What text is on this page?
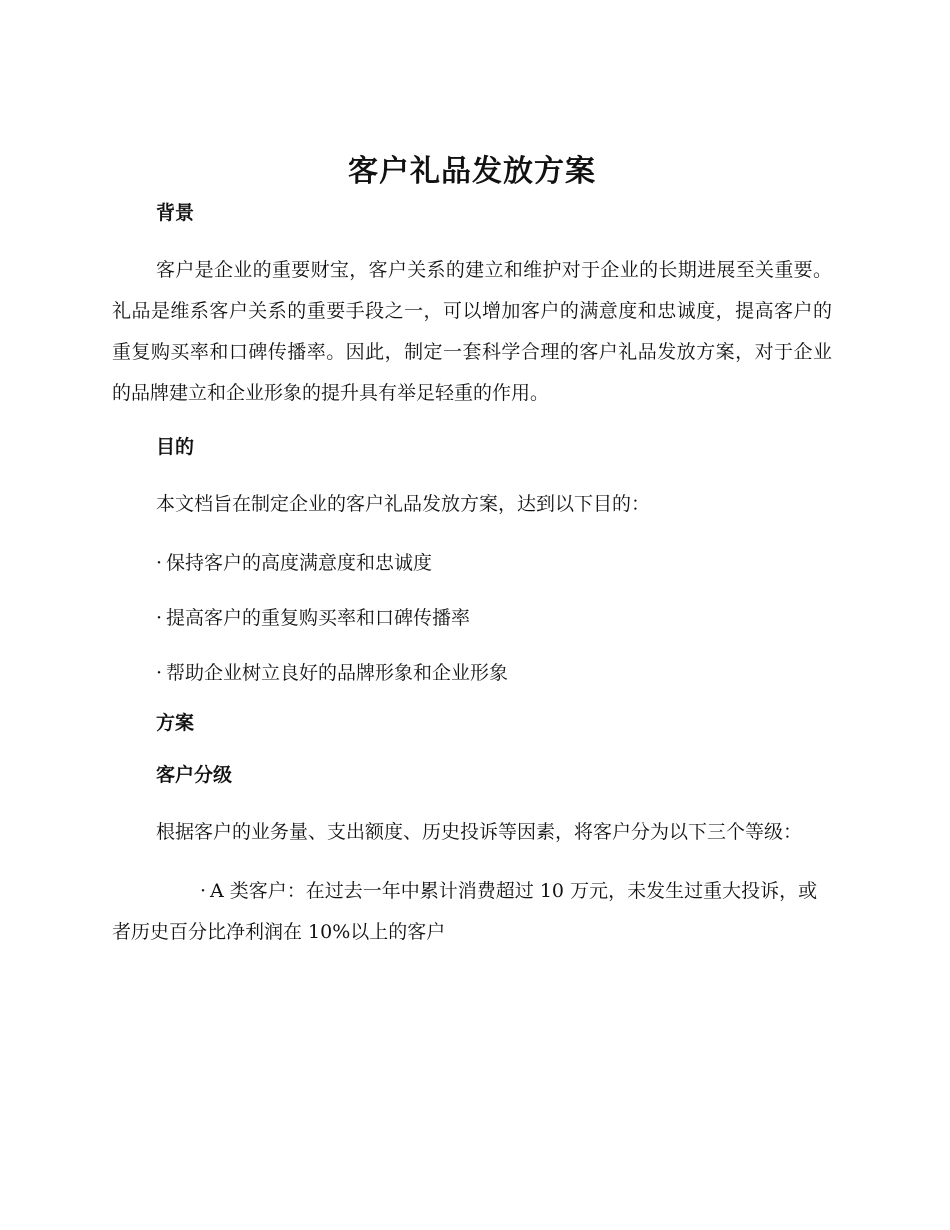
客户礼品发放方案
背景

客户是企业的重要财宝，客户关系的建立和维护对于企业的长期进展至关重要。礼品是维系客户关系的重要手段之一，可以增加客户的满意度和忠诚度，提高客户的重复购买率和口碑传播率。因此，制定一套科学合理的客户礼品发放方案，对于企业的品牌建立和企业形象的提升具有举足轻重的作用。

目的

本文档旨在制定企业的客户礼品发放方案，达到以下目的：

· 保持客户的高度满意度和忠诚度
· 提高客户的重复购买率和口碑传播率
· 帮助企业树立良好的品牌形象和企业形象
方案
客户分级

根据客户的业务量、支出额度、历史投诉等因素，将客户分为以下三个等级：

· A 类客户：在过去一年中累计消费超过 10 万元，未发生过重大投诉，或者历史百分比净利润在 10%以上的客户
